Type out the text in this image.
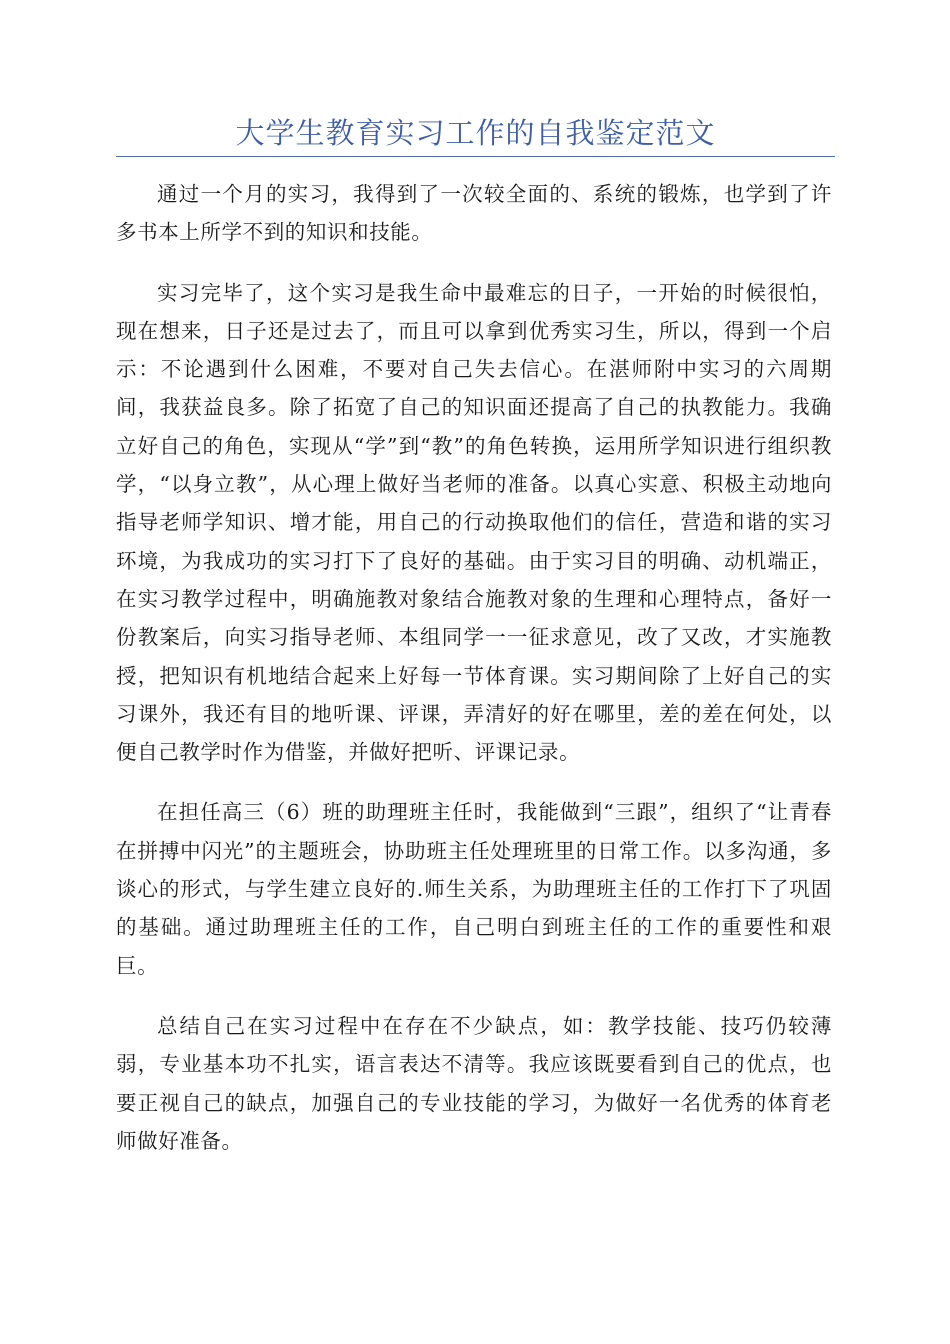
大学生教育实习工作的自我鉴定范文

通过一个月的实习，我得到了一次较全面的、系统的锻炼，也学到了许多书本上所学不到的知识和技能。

实习完毕了，这个实习是我生命中最难忘的日子，一开始的时候很怕，现在想来，日子还是过去了，而且可以拿到优秀实习生，所以，得到一个启示：不论遇到什么困难，不要对自己失去信心。在湛师附中实习的六周期间，我获益良多。除了拓宽了自己的知识面还提高了自己的执教能力。我确立好自己的角色，实现从“学”到“教”的角色转换，运用所学知识进行组织教学，“以身立教”，从心理上做好当老师的准备。以真心实意、积极主动地向指导老师学知识、增才能，用自己的行动换取他们的信任，营造和谐的实习环境，为我成功的实习打下了良好的基础。由于实习目的明确、动机端正，在实习教学过程中，明确施教对象结合施教对象的生理和心理特点，备好一份教案后，向实习指导老师、本组同学一一征求意见，改了又改，才实施教授，把知识有机地结合起来上好每一节体育课。实习期间除了上好自己的实习课外，我还有目的地听课、评课，弄清好的好在哪里，差的差在何处，以便自己教学时作为借鉴，并做好把听、评课记录。

在担任高三（6）班的助理班主任时，我能做到“三跟”，组织了“让青春在拼搏中闪光”的主题班会，协助班主任处理班里的日常工作。以多沟通，多谈心的形式，与学生建立良好的.师生关系，为助理班主任的工作打下了巩固的基础。通过助理班主任的工作，自己明白到班主任的工作的重要性和艰巨。

总结自己在实习过程中在存在不少缺点，如：教学技能、技巧仍较薄弱，专业基本功不扎实，语言表达不清等。我应该既要看到自己的优点，也要正视自己的缺点，加强自己的专业技能的学习，为做好一名优秀的体育老师做好准备。
